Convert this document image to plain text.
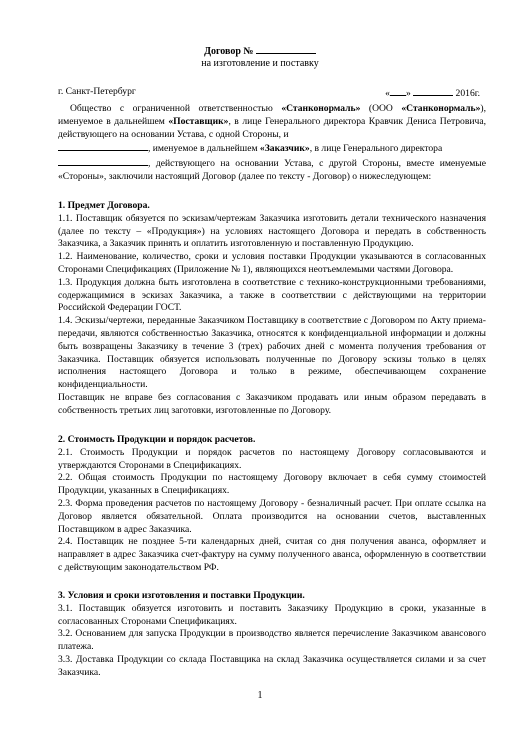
Договор №
на изготовление и поставку
г. Санкт-Петербург	« »	2016г.

Общество с ограниченной ответственностью «Станконормаль» (ООО «Станконормаль»), именуемое в дальнейшем «Поставщик», в лице Генерального директора Кравчик Дениса Петровича, действующего на основании Устава, с одной Стороны, и

, именуемое в дальнейшем «Заказчик», в лице Генерального директора

, действующего на основании Устава, с другой Стороны, вместе именуемые «Стороны», заключили настоящий Договор (далее по тексту - Договор) о нижеследующем:

1. Предмет Договора.

1.1. Поставщик обязуется по эскизам/чертежам Заказчика изготовить детали технического назначения (далее по тексту – «Продукция») на условиях настоящего Договора и передать в собственность Заказчика, а Заказчик принять и оплатить изготовленную и поставленную Продукцию.

1.2. Наименование, количество, сроки и условия поставки Продукции указываются в согласованных Сторонами Спецификациях (Приложение № 1), являющихся неотъемлемыми частями Договора.

1.3. Продукция должна быть изготовлена в соответствие с технико-конструкционными требованиями, содержащимися в эскизах Заказчика, а также в соответствии с действующими на территории Российской Федерации ГОСТ.

1.4. Эскизы/чертежи, переданные Заказчиком Поставщику в соответствие с Договором по Акту приема-передачи, являются собственностью Заказчика, относятся к конфиденциальной информации и должны быть возвращены Заказчику в течение 3 (трех) рабочих дней с момента получения требования от Заказчика. Поставщик обязуется использовать полученные по Договору эскизы только в целях исполнения настоящего Договора и только в режиме, обеспечивающем сохранение конфиденциальности.

Поставщик не вправе без согласования с Заказчиком продавать или иным образом передавать в собственность третьих лиц заготовки, изготовленные по Договору.

2. Стоимость Продукции и порядок расчетов.

2.1. Стоимость Продукции и порядок расчетов по настоящему Договору согласовываются и утверждаются Сторонами в Спецификациях.

2.2. Общая стоимость Продукции по настоящему Договору включает в себя сумму стоимостей Продукции, указанных в Спецификациях.

2.3. Форма проведения расчетов по настоящему Договору - безналичный расчет. При оплате ссылка на Договор является обязательной. Оплата производится на основании счетов, выставленных Поставщиком в адрес Заказчика.

2.4. Поставщик не позднее 5-ти календарных дней, считая со дня получения аванса, оформляет и направляет в адрес Заказчика счет-фактуру на сумму полученного аванса, оформленную в соответствии с действующим законодательством РФ.

3. Условия и сроки изготовления и поставки Продукции.

3.1. Поставщик обязуется изготовить и поставить Заказчику Продукцию в сроки, указанные в согласованных Сторонами Спецификациях.

3.2. Основанием для запуска Продукции в производство является перечисление Заказчиком авансового платежа.

3.3. Доставка Продукции со склада Поставщика на склад Заказчика осуществляется силами и за счет Заказчика.

1
